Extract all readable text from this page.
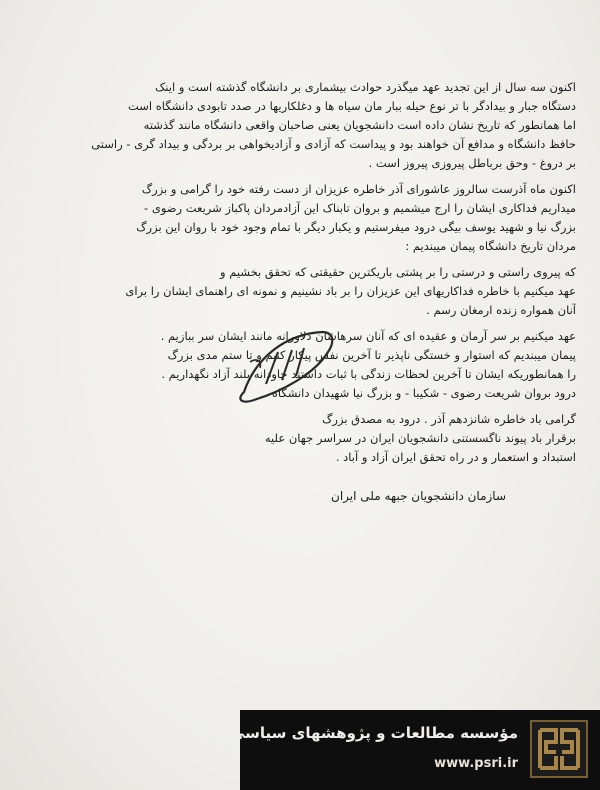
اکنون سه سال از این تجدید عهد میگذرد حوادث بیشماری بر دانشگاه گذشته است و اینک
دستگاه جبار و بیدادگر با تر نوع حیله ببار مان سیاه ها و دغلکاریها در صدد تابودی دانشگاه است
اما همانطور که تاریخ نشان داده است دانشجویان یعنی صاحبان واقعی دانشگاه مانند گذشته
حافظ دانشگاه و مدافع آن خواهند بود و پیداست که آزادی و آزادیخواهی بر بردگی و بیداد گری - راستی
بر دروغ - وحق برباطل پیروزی پیروز است .
اکنون ماه آذرست سالروز عاشورای آذر خاطره عزیزان از دست رفته خود را گرامی و بزرگ
میداریم فداکاری ایشان را ارج میشمیم و بروان تابناک این آزادمردان پاکباز شریعت رضوی -
بزرگ نیا و شهید یوسف بیگی درود میفرستیم و یکبار دیگر با تمام وجود خود با روان این بزرگ
مردان تاریخ دانشگاه پیمان میبندیم :
که پیروی راستی و درستی را بر پشتی باریکترین حقیقتی که تحقق بخشیم و
عهد میکنیم با خاطره فداکاریهای این عزیزان را بر باد نشینیم و نمونه ای راهنمای ایشان را برای
آنان همواره زنده ارمغان رسم .
عهد میکنیم بر سر آرمان و عقیده ای که آنان سرهاشان دلاورانه مانند ایشان سر ببازیم .
پیمان میبندیم که استوار و خستگی ناپذیر تا آخرین نفس پیکار کنیم و تا ستم مدی بزرگ
را همانطوریکه ایشان تا آخرین لحظات زندگی با ثبات داشتند جاودانه بلند آزاد نگهداریم .
درود بروان شریعت رضوی - شکیبا - و بزرگ نیا شهیدان دانشگاه .
گرامی باد خاطره شانزدهم آذر . درود به مصدق بزرگ
برقرار باد پیوند ناگسستنی دانشجویان ایران در سراسر جهان علیه
استبداد و استعمار و در راه تحقق ایران آزاد و آباد .
سازمان دانشجویان جبهه ملی ایران
مؤسسه مطالعات و پژوهشهای سیاسی
www.psri.ir
